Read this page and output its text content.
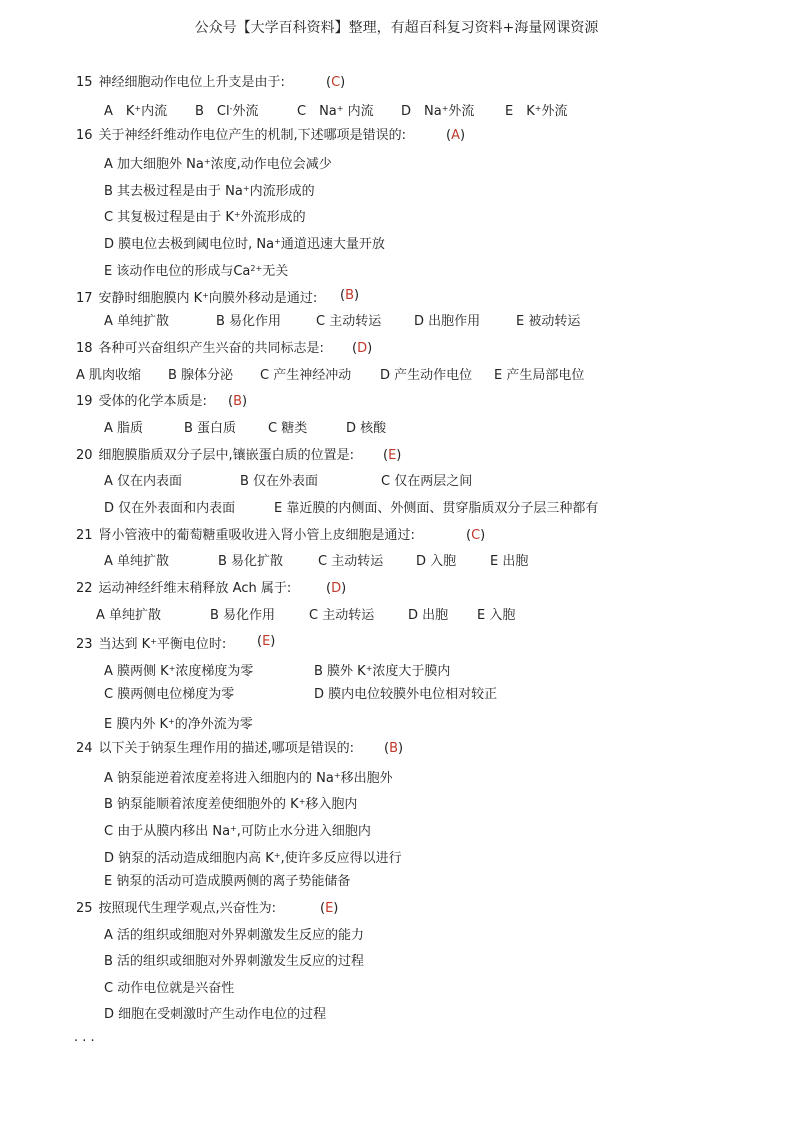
公众号【大学百科资料】整理，有超百科复习资料+海量网课资源
15 神经细胞动作电位上升支是由于:	(C)
A　K+内流 B　Cl-外流	C　Na+ 内流 D　Na+外流 E　K+外流
16 关于神经纤维动作电位产生的机制,下述哪项是错误的:	(A)
A 加大细胞外 Na+浓度,动作电位会减少
B 其去极过程是由于 Na+内流形成的
C 其复极过程是由于 K+外流形成的
D 膜电位去极到阈电位时, Na+通道迅速大量开放
E 该动作电位的形成与$Ca^{2+}$无关
17 安静时细胞膜内 K+向膜外移动是通过: (B)
A 单纯扩散	B 易化作用	C 主动转运	D 出胞作用	E 被动转运
18 各种可兴奋组织产生兴奋的共同标志是: (D)
A 肌肉收缩 B 腺体分泌 C 产生神经冲动 D 产生动作电位 E 产生局部电位
19 受体的化学本质是: (B)
A 脂质	B 蛋白质 C 糖类	D 核酸
20 细胞膜脂质双分子层中,镶嵌蛋白质的位置是: (E)
A 仅在内表面	B 仅在外表面	C 仅在两层之间
D 仅在外表面和内表面	E 靠近膜的内侧面、外侧面、贯穿脂质双分子层三种都有
21 肾小管液中的葡萄糖重吸收进入肾小管上皮细胞是通过:	(C)
A 单纯扩散	B 易化扩散	C 主动转运	D 入胞	E 出胞
22 运动神经纤维末稍释放 Ach 属于:	(D)
A 单纯扩散	B 易化作用	C 主动转运	D 出胞 E 入胞
23 当达到 K+平衡电位时: (E)
A 膜两侧 K+浓度梯度为零	B 膜外 K+浓度大于膜内
C 膜两侧电位梯度为零	D 膜内电位较膜外电位相对较正
E 膜内外 K+的净外流为零
24 以下关于钠泵生理作用的描述,哪项是错误的: (B)
A 钠泵能逆着浓度差将进入细胞内的 Na+移出胞外
B 钠泵能顺着浓度差使细胞外的 K+移入胞内
C 由于从膜内移出 Na+,可防止水分进入细胞内
D 钠泵的活动造成细胞内高 K+,使许多反应得以进行
E 钠泵的活动可造成膜两侧的离子势能储备
25 按照现代生理学观点,兴奋性为:	(E)
A 活的组织或细胞对外界刺激发生反应的能力
B 活的组织或细胞对外界刺激发生反应的过程
C 动作电位就是兴奋性
D 细胞在受刺激时产生动作电位的过程
. . .
